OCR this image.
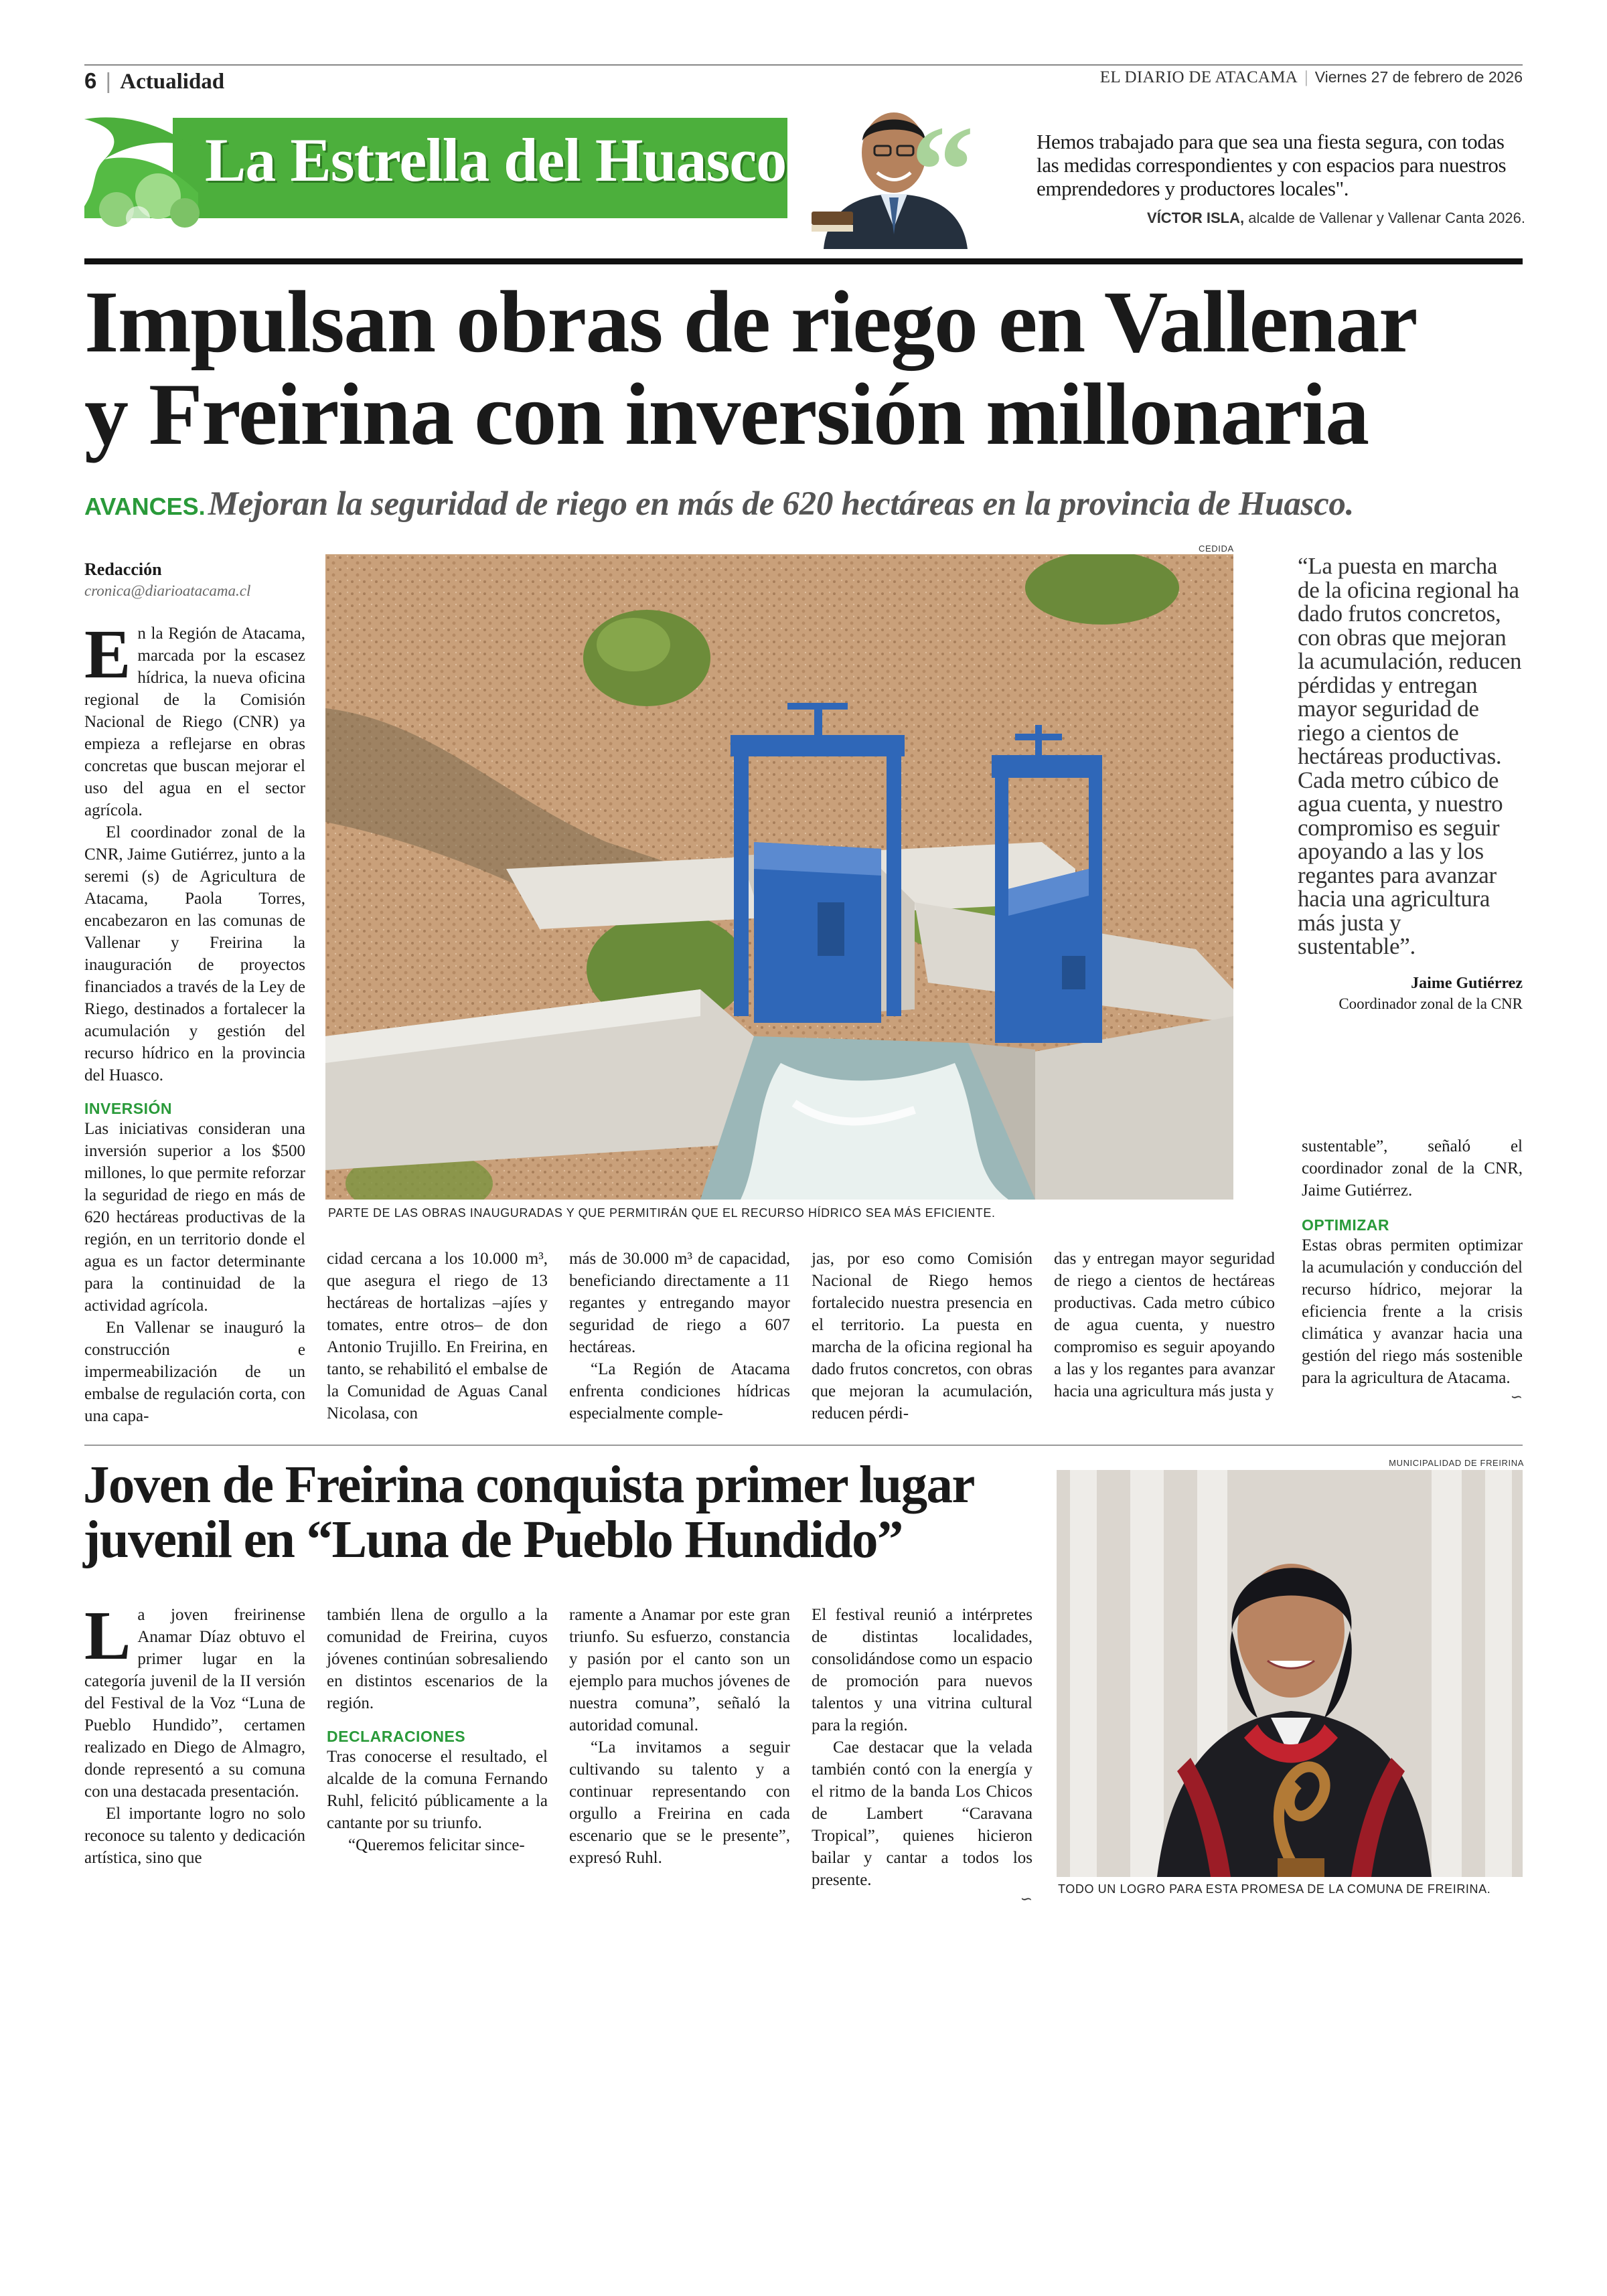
6 | Actualidad	EL DIARIO DE ATACAMA | Viernes 27 de febrero de 2026
La Estrella del Huasco “	Hemos trabajado para que sea una fiesta segura, con todas las medidas correspondientes y con espacios para nuestros emprendedores y productores locales".
VÍCTOR ISLA, alcalde de Vallenar y Vallenar Canta 2026.
Impulsan obras de riego en Vallenar
y Freirina con inversión millonaria
AVANCES. Mejoran la seguridad de riego en más de 620 hectáreas en la provincia de Huasco.
Redacción
cronica@diarioatacama.cl

En la Región de Atacama, marcada por la escasez hídrica, la nueva oficina regional de la Comisión Nacional de Riego (CNR) ya empieza a reflejarse en obras concretas que buscan mejorar el uso del agua en el sector agrícola.

El coordinador zonal de la CNR, Jaime Gutiérrez, junto a la seremi (s) de Agricultura de Atacama, Paola Torres, encabezaron en las comunas de Vallenar y Freirina la inauguración de proyectos financiados a través de la Ley de Riego, destinados a fortalecer la acumulación y gestión del recurso hídrico en la provincia del Huasco.

INVERSIÓN

Las iniciativas consideran una inversión superior a los $500 millones, lo que permite reforzar la seguridad de riego en más de 620 hectáreas productivas de la región, en un territorio donde el agua es un factor determinante para la continuidad de la actividad agrícola.

En Vallenar se inauguró la construcción e impermeabilización de un embalse de regulación corta, con una capa-

CEDIDA
PARTE DE LAS OBRAS INAUGURADAS Y QUE PERMITIRÁN QUE EL RECURSO HÍDRICO SEA MÁS EFICIENTE.

cidad cercana a los 10.000 m³, que asegura el riego de 13 hectáreas de hortalizas –ajíes y tomates, entre otros– de don Antonio Trujillo. En Freirina, en tanto, se rehabilitó el embalse de la Comunidad de Aguas Canal Nicolasa, con

más de 30.000 m³ de capacidad, beneficiando directamente a 11 regantes y entregando mayor seguridad de riego a 607 hectáreas.

“La Región de Atacama enfrenta condiciones hídricas especialmente comple-

jas, por eso como Comisión Nacional de Riego hemos fortalecido nuestra presencia en el territorio. La puesta en marcha de la oficina regional ha dado frutos concretos, con obras que mejoran la acumulación, reducen pérdi-

das y entregan mayor seguridad de riego a cientos de hectáreas productivas. Cada metro cúbico de agua cuenta, y nuestro compromiso es seguir apoyando a las y los regantes para avanzar hacia una agricultura más justa y

“La puesta en marcha de la oficina regional ha dado frutos concretos, con obras que mejoran la acumulación, reducen pérdidas y entregan mayor seguridad de riego a cientos de hectáreas productivas. Cada metro cúbico de agua cuenta, y nuestro compromiso es seguir apoyando a las y los regantes para avanzar hacia una agricultura más justa y sustentable”.
Jaime Gutiérrez
Coordinador zonal de la CNR

sustentable”, señaló el coordinador zonal de la CNR, Jaime Gutiérrez.

OPTIMIZAR

Estas obras permiten optimizar la acumulación y conducción del recurso hídrico, mejorar la eficiencia frente a la crisis climática y avanzar hacia una gestión del riego más sostenible para la agricultura de Atacama.

∽
Joven de Freirina conquista primer lugar
juvenil en “Luna de Pueblo Hundido”

La joven freirinense Anamar Díaz obtuvo el primer lugar en la categoría juvenil de la II versión del Festival de la Voz “Luna de Pueblo Hundido”, certamen realizado en Diego de Almagro, donde representó a su comuna con una destacada presentación.

El importante logro no solo reconoce su talento y dedicación artística, sino que

también llena de orgullo a la comunidad de Freirina, cuyos jóvenes continúan sobresaliendo en distintos escenarios de la región.

DECLARACIONES

Tras conocerse el resultado, el alcalde de la comuna Fernando Ruhl, felicitó públicamente a la cantante por su triunfo.

“Queremos felicitar since-

ramente a Anamar por este gran triunfo. Su esfuerzo, constancia y pasión por el canto son un ejemplo para muchos jóvenes de nuestra comuna”, señaló la autoridad comunal.

“La invitamos a seguir cultivando su talento y a continuar representando con orgullo a Freirina en cada escenario que se le presente”, expresó Ruhl.

El festival reunió a intérpretes de distintas localidades, consolidándose como un espacio de promoción para nuevos talentos y una vitrina cultural para la región.

Cae destacar que la velada también contó con la energía y el ritmo de la banda Los Chicos de Lambert “Caravana Tropical”, quienes hicieron bailar y cantar a todos los presente.

∽
MUNICIPALIDAD DE FREIRINA
TODO UN LOGRO PARA ESTA PROMESA DE LA COMUNA DE FREIRINA.
